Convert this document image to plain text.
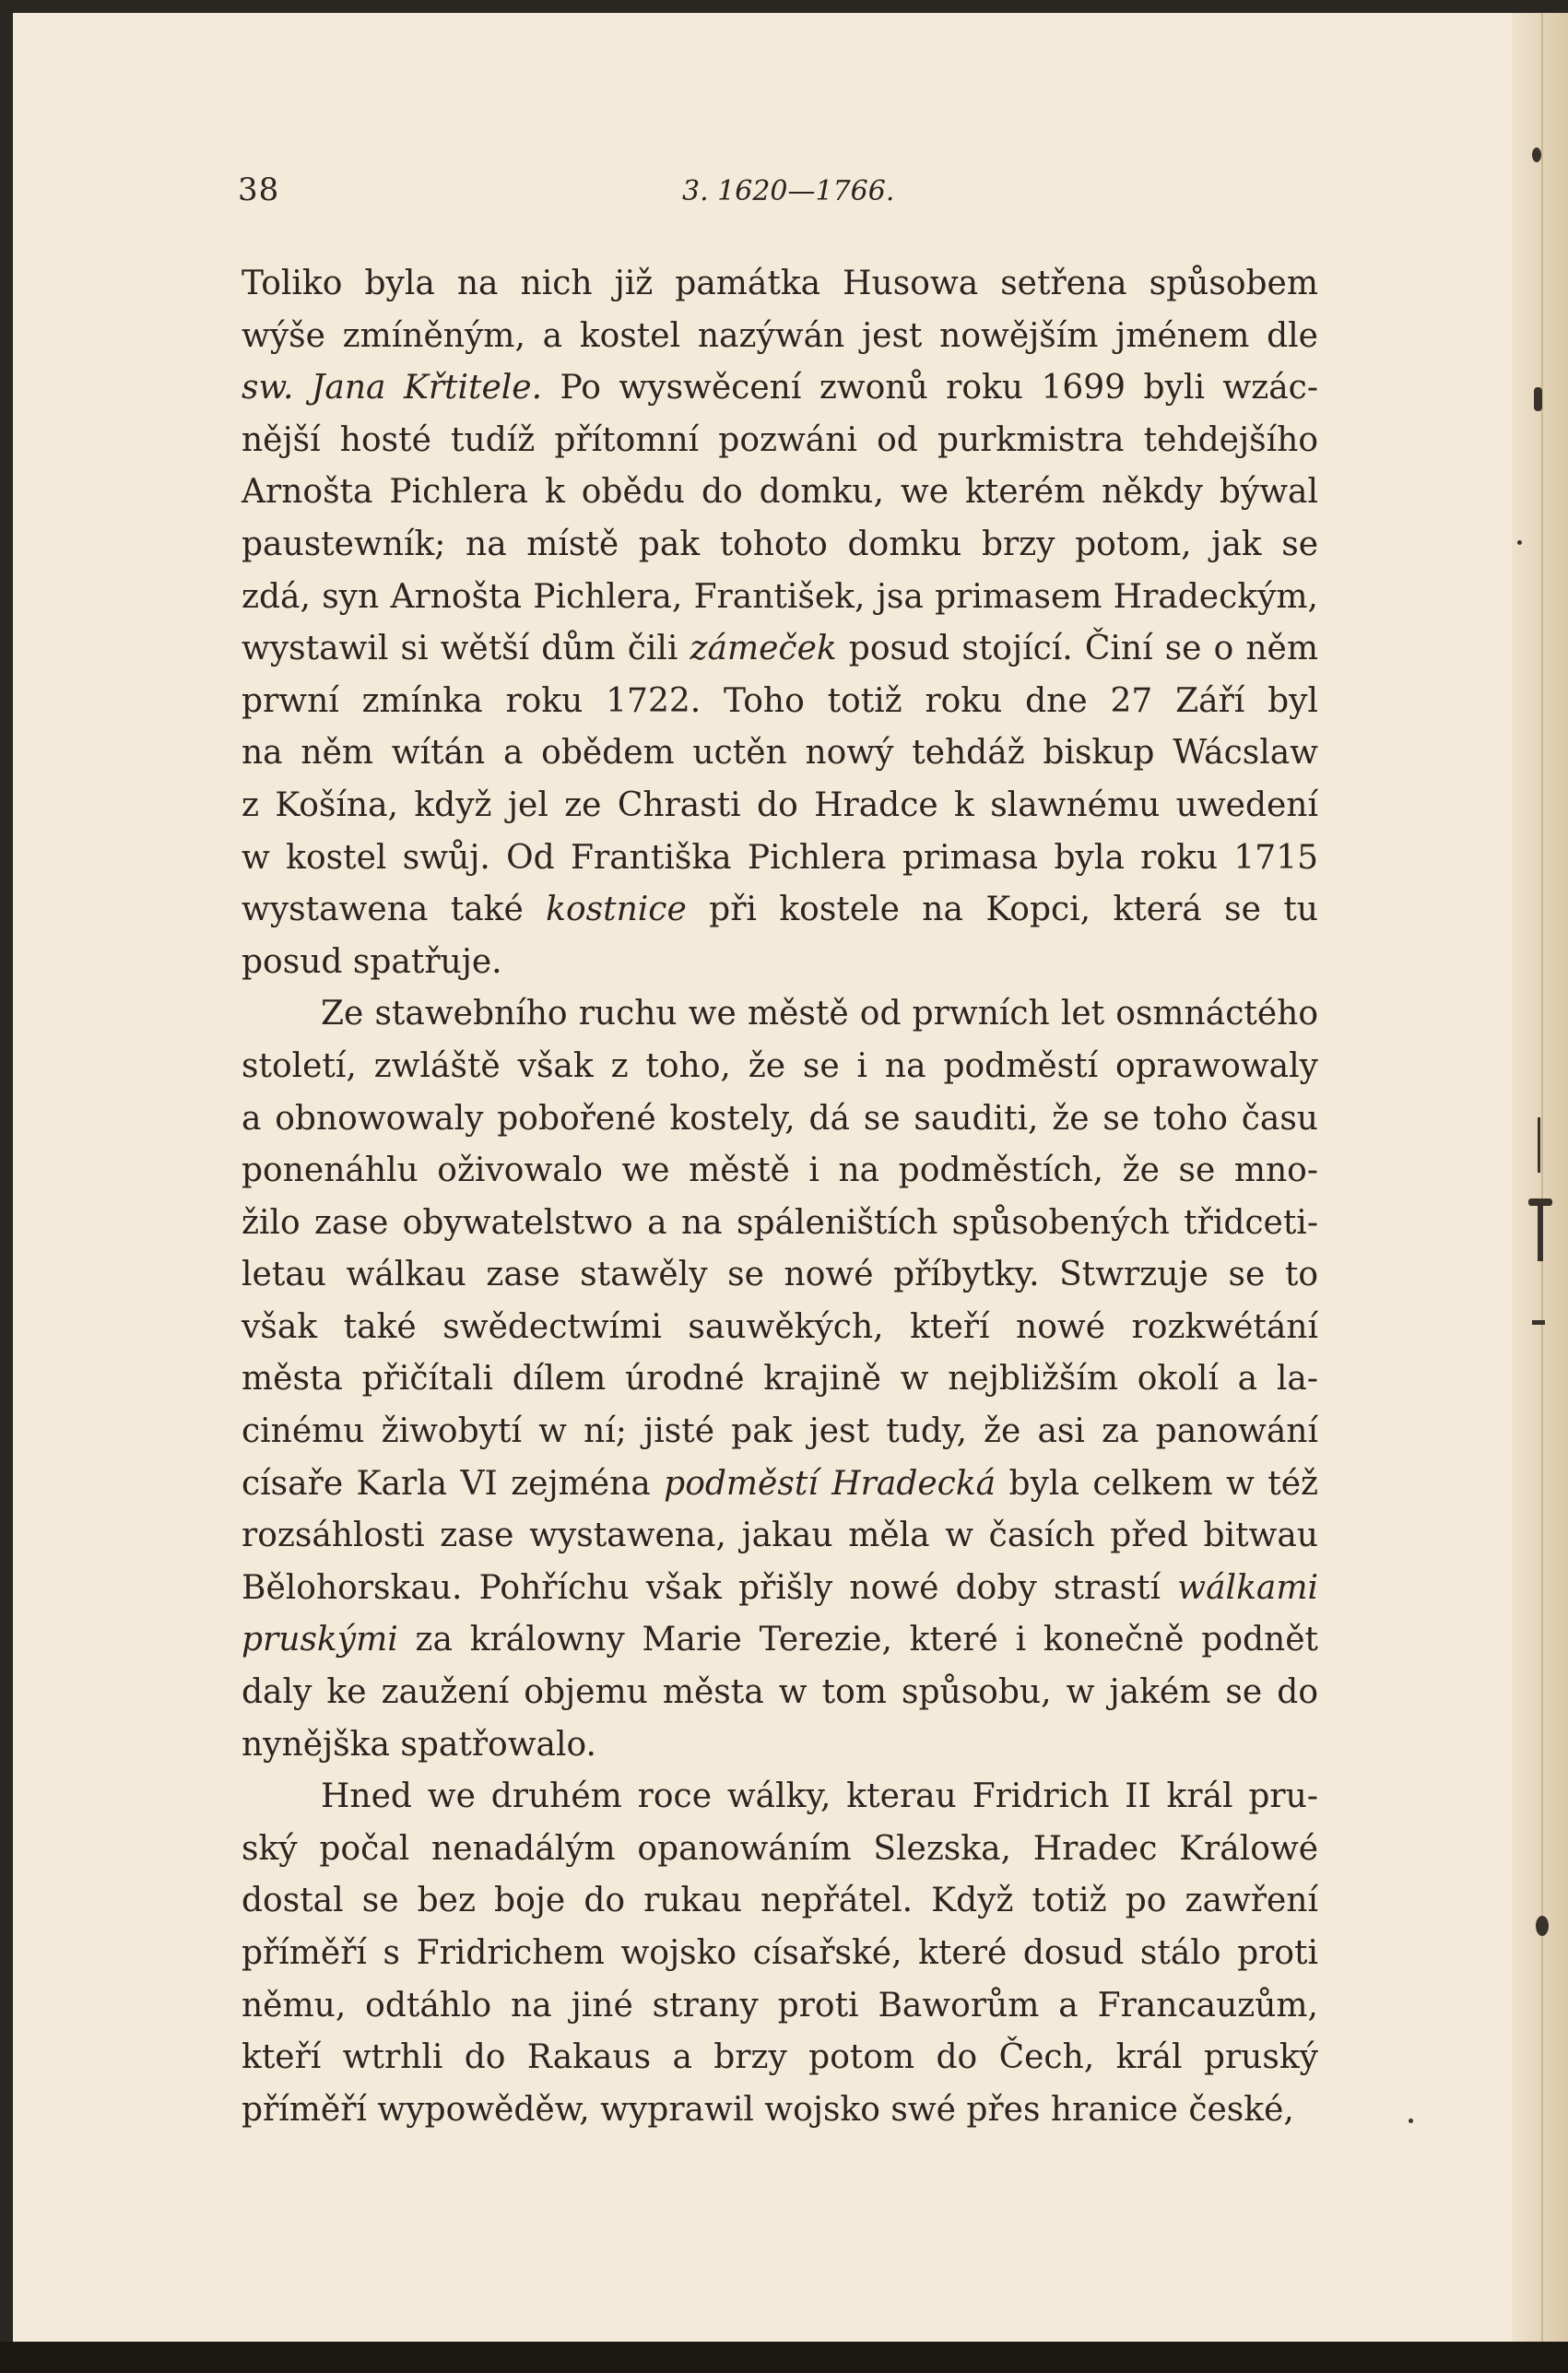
38	3. 1620—1766.
Toliko byla na nich již památka Husowa setřena spůsobem
wýše zmíněným, a kostel nazýwán jest nowějším jménem dle
sw. Jana Křtitele. Po wyswěcení zwonů roku 1699 byli wzác-
nější hosté tudíž přítomní pozwáni od purkmistra tehdejšího
Arnošta Pichlera k obědu do domku, we kterém někdy býwal
paustewník; na místě pak tohoto domku brzy potom, jak se
zdá, syn Arnošta Pichlera, František, jsa primasem Hradeckým,
wystawil si wětší dům čili zámeček posud stojící. Činí se o něm
prwní zmínka roku 1722. Toho totiž roku dne 27 Září byl
na něm wítán a obědem uctěn nowý tehdáž biskup Wácslaw
z Košína, když jel ze Chrasti do Hradce k slawnému uwedení
w kostel swůj. Od Františka Pichlera primasa byla roku 1715
wystawena také kostnice při kostele na Kopci, která se tu
posud spatřuje.
Ze stawebního ruchu we městě od prwních let osmnáctého
století, zwláště však z toho, že se i na podměstí oprawowaly
a obnowowaly pobořené kostely, dá se sauditi, že se toho času
ponenáhlu oživowalo we městě i na podměstích, že se mno-
žilo zase obywatelstwo a na spáleništích spůsobených třidceti-
letau wálkau zase stawěly se nowé příbytky. Stwrzuje se to
však také swědectwími sauwěkých, kteří nowé rozkwétání
města přičítali dílem úrodné krajině w nejbližším okolí a la-
cinému žiwobytí w ní; jisté pak jest tudy, že asi za panowání
císaře Karla VI zejména podměstí Hradecká byla celkem w též
rozsáhlosti zase wystawena, jakau měla w časích před bitwau
Bělohorskau. Pohříchu však přišly nowé doby strastí wálkami
pruskými za králowny Marie Terezie, které i konečně podnět
daly ke zaužení objemu města w tom spůsobu, w jakém se do
nynějška spatřowalo.
Hned we druhém roce wálky, kterau Fridrich II král pru-
ský počal nenadálým opanowáním Slezska, Hradec Králowé
dostal se bez boje do rukau nepřátel. Když totiž po zawření
příměří s Fridrichem wojsko císařské, které dosud stálo proti
němu, odtáhlo na jiné strany proti Baworům a Francauzům,
kteří wtrhli do Rakaus a brzy potom do Čech, král pruský
příměří wypowěděw, wyprawil wojsko swé přes hranice české,
